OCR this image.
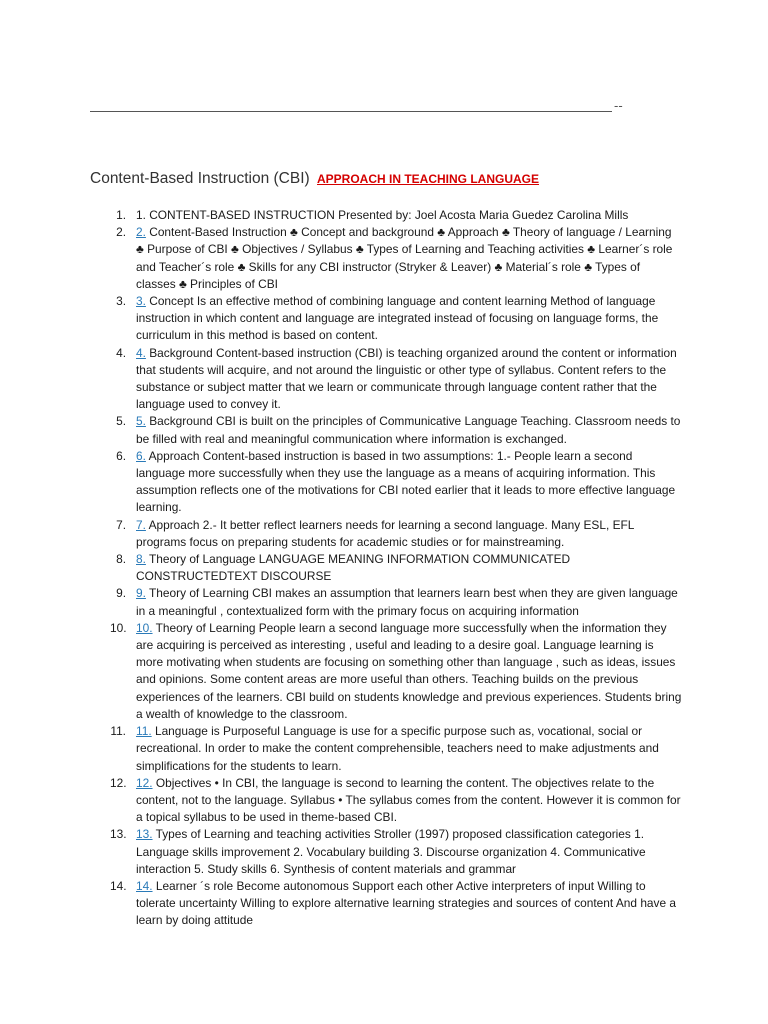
--
Content-Based Instruction (CBI) APPROACH IN TEACHING LANGUAGE
1. 1. CONTENT-BASED INSTRUCTION Presented by: Joel Acosta Maria Guedez Carolina Mills
2. 2. Content-Based Instruction ♣ Concept and background ♣ Approach ♣ Theory of language / Learning ♣ Purpose of CBI ♣ Objectives / Syllabus ♣ Types of Learning and Teaching activities ♣ Learner´s role and Teacher´s role ♣ Skills for any CBI instructor (Stryker & Leaver) ♣ Material´s role ♣ Types of classes ♣ Principles of CBI
3. 3. Concept Is an effective method of combining language and content learning Method of language instruction in which content and language are integrated instead of focusing on language forms, the curriculum in this method is based on content.
4. 4. Background Content-based instruction (CBI) is teaching organized around the content or information that students will acquire, and not around the linguistic or other type of syllabus. Content refers to the substance or subject matter that we learn or communicate through language content rather that the language used to convey it.
5. 5. Background CBI is built on the principles of Communicative Language Teaching. Classroom needs to be filled with real and meaningful communication where information is exchanged.
6. 6. Approach Content-based instruction is based in two assumptions: 1.- People learn a second language more successfully when they use the language as a means of acquiring information. This assumption reflects one of the motivations for CBI noted earlier that it leads to more effective language learning.
7. 7. Approach 2.- It better reflect learners needs for learning a second language. Many ESL, EFL programs focus on preparing students for academic studies or for mainstreaming.
8. 8. Theory of Language LANGUAGE MEANING INFORMATION COMMUNICATED CONSTRUCTEDTEXT DISCOURSE
9. 9. Theory of Learning CBI makes an assumption that learners learn best when they are given language in a meaningful , contextualized form with the primary focus on acquiring information
10. 10. Theory of Learning People learn a second language more successfully when the information they are acquiring is perceived as interesting , useful and leading to a desire goal. Language learning is more motivating when students are focusing on something other than language , such as ideas, issues and opinions. Some content areas are more useful than others. Teaching builds on the previous experiences of the learners. CBI build on students knowledge and previous experiences. Students bring a wealth of knowledge to the classroom.
11. 11. Language is Purposeful Language is use for a specific purpose such as, vocational, social or recreational. In order to make the content comprehensible, teachers need to make adjustments and simplifications for the students to learn.
12. 12. Objectives • In CBI, the language is second to learning the content. The objectives relate to the content, not to the language. Syllabus • The syllabus comes from the content. However it is common for a topical syllabus to be used in theme-based CBI.
13. 13. Types of Learning and teaching activities Stroller (1997) proposed classification categories 1. Language skills improvement 2. Vocabulary building 3. Discourse organization 4. Communicative interaction 5. Study skills 6. Synthesis of content materials and grammar
14. 14. Learner ´s role Become autonomous Support each other Active interpreters of input Willing to tolerate uncertainty Willing to explore alternative learning strategies and sources of content And have a learn by doing attitude
